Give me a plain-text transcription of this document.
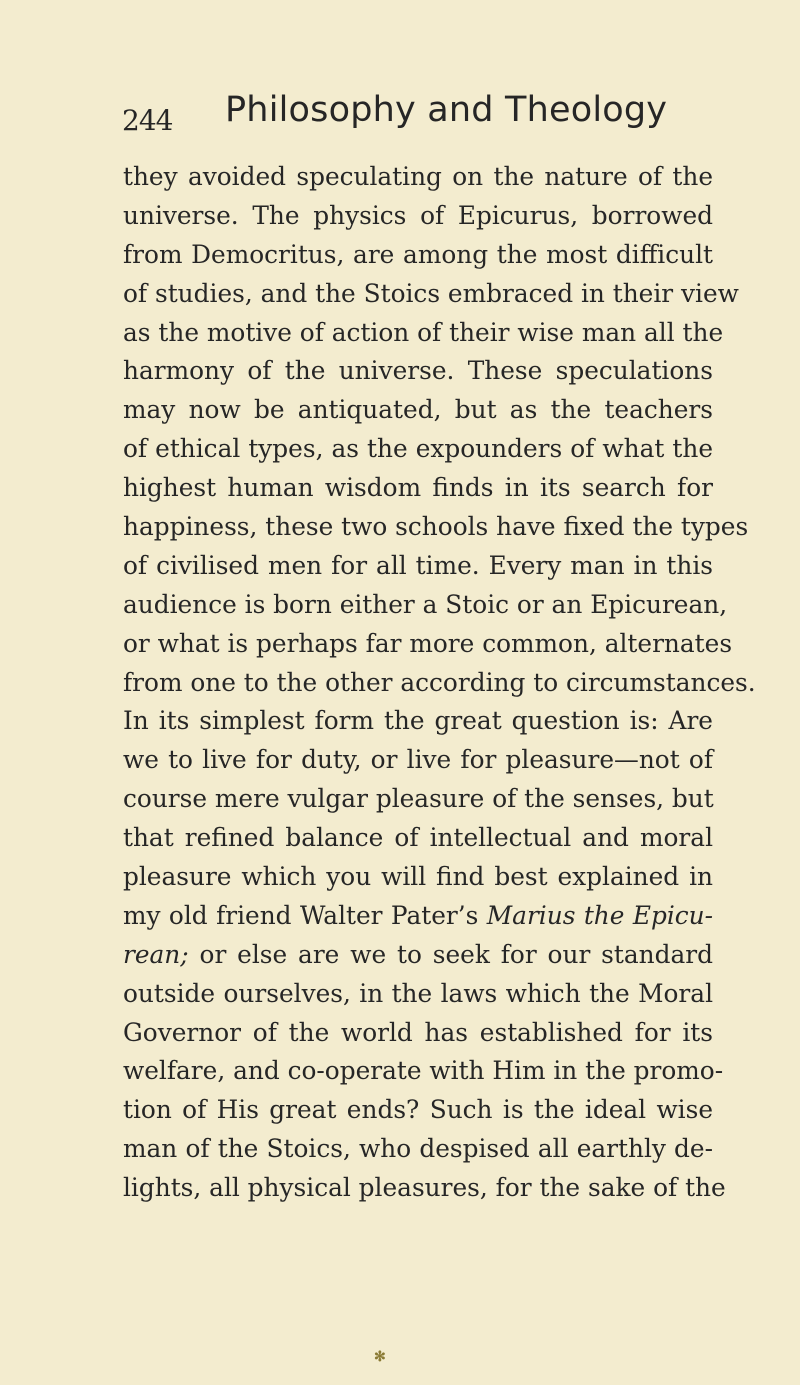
244 Philosophy and Theology
they avoided speculating on the nature of the
universe. The physics of Epicurus, borrowed
from Democritus, are among the most difficult
of studies, and the Stoics embraced in their view
as the motive of action of their wise man all the
harmony of the universe. These speculations
may now be antiquated, but as the teachers
of ethical types, as the expounders of what the
highest human wisdom finds in its search for
happiness, these two schools have fixed the types
of civilised men for all time. Every man in this
audience is born either a Stoic or an Epicurean,
or what is perhaps far more common, alternates
from one to the other according to circumstances.
In its simplest form the great question is: Are
we to live for duty, or live for pleasure—not of
course mere vulgar pleasure of the senses, but
that refined balance of intellectual and moral
pleasure which you will find best explained in
my old friend Walter Pater’s Marius the Epicu-
rean; or else are we to seek for our standard
outside ourselves, in the laws which the Moral
Governor of the world has established for its
welfare, and co-operate with Him in the promo-
tion of His great ends? Such is the ideal wise
man of the Stoics, who despised all earthly de-
lights, all physical pleasures, for the sake of the
✻
